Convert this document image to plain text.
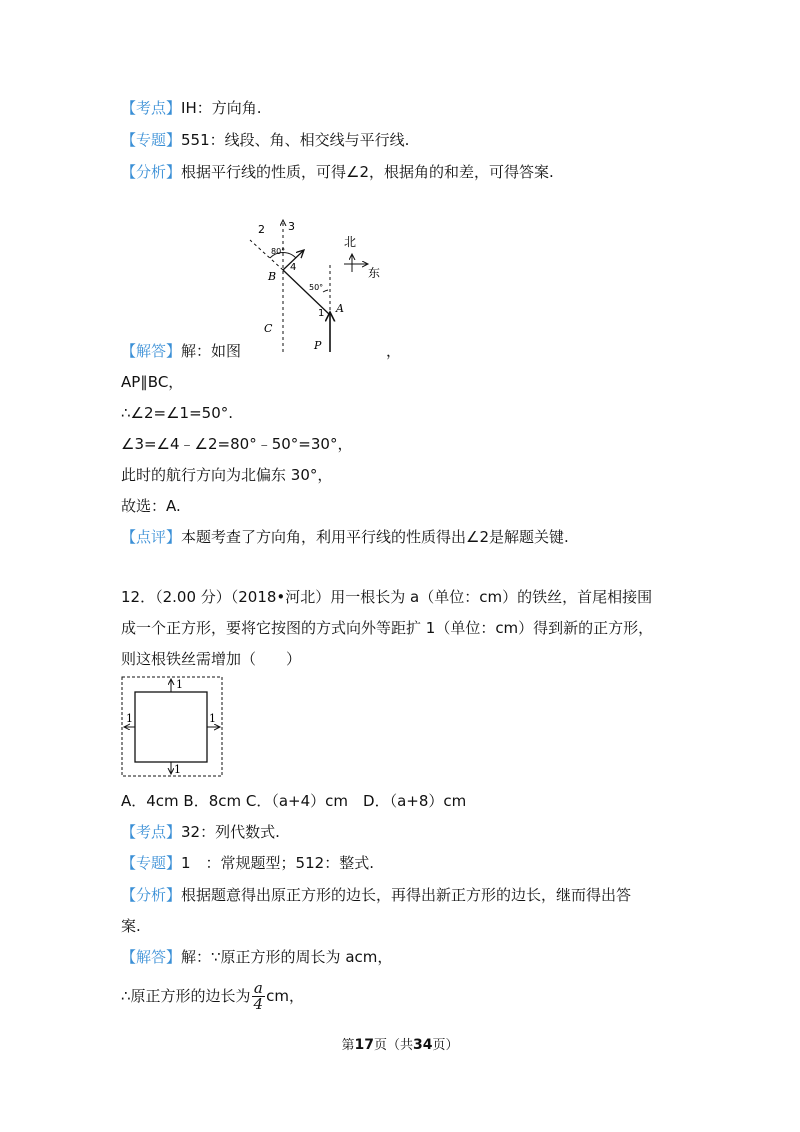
【考点】IH：方向角.
【专题】551：线段、角、相交线与平行线.
【分析】根据平行线的性质，可得∠2，根据角的和差，可得答案.
2 3
80°
4
B
50°
A
1
C
P
北
东
【解答】解：如图	，
AP∥BC，
∴∠2=∠1=50°.
∠3=∠4﹣∠2=80°﹣50°=30°，
此时的航行方向为北偏东 30°，
故选：A.
【点评】本题考查了方向角，利用平行线的性质得出∠2是解题关键.
12．（2.00 分）（2018•河北）用一根长为 a（单位：cm）的铁丝，首尾相接围
成一个正方形，要将它按图的方式向外等距扩 1（单位：cm）得到新的正方形，
则这根铁丝需增加（　　）
1
1	1
1
A．4cm B．8cm C．（a+4）cm　D．（a+8）cm
【考点】32：列代数式.
【专题】1　：常规题型；512：整式.
【分析】根据题意得出原正方形的边长，再得出新正方形的边长，继而得出答
案.
【解答】解：∵原正方形的周长为 acm，
∴原正方形的边长为 $\frac{a}{4}$ cm，
第17页（共34页）
